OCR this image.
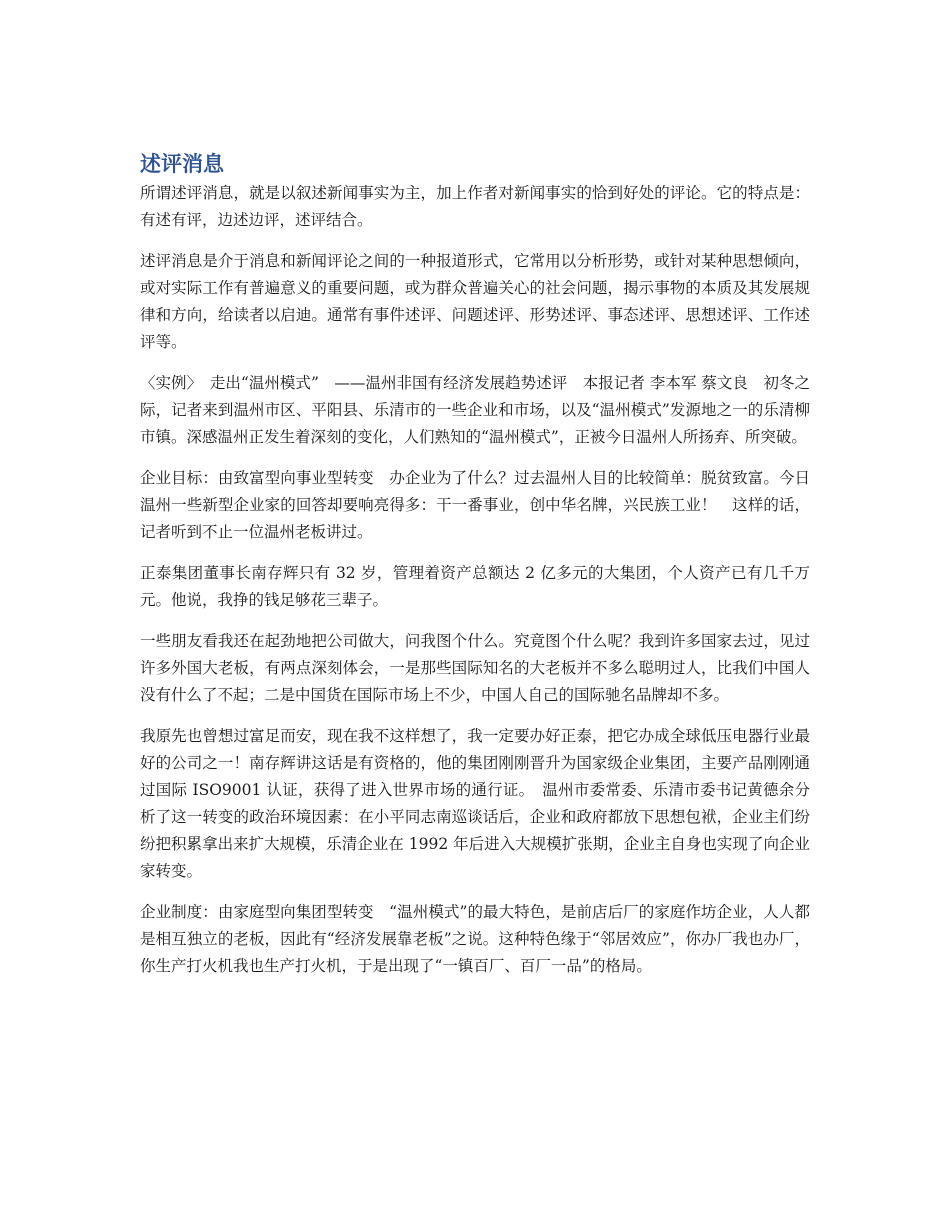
述评消息

所谓述评消息，就是以叙述新闻事实为主，加上作者对新闻事实的恰到好处的评论。它的特点是：有述有评，边述边评，述评结合。

述评消息是介于消息和新闻评论之间的一种报道形式，它常用以分析形势，或针对某种思想倾向，或对实际工作有普遍意义的重要问题，或为群众普遍关心的社会问题，揭示事物的本质及其发展规律和方向，给读者以启迪。通常有事件述评、问题述评、形势述评、事态述评、思想述评、工作述评等。

〈实例〉　走出“温州模式”　——温州非国有经济发展趋势述评　本报记者 李本军 蔡文良　初冬之际，记者来到温州市区、平阳县、乐清市的一些企业和市场，以及“温州模式”发源地之一的乐清柳市镇。深感温州正发生着深刻的变化，人们熟知的“温州模式”，正被今日温州人所扬弃、所突破。

企业目标：由致富型向事业型转变　办企业为了什么？过去温州人目的比较简单：脱贫致富。今日温州一些新型企业家的回答却要响亮得多：干一番事业，创中华名牌，兴民族工业！　这样的话，记者听到不止一位温州老板讲过。

正泰集团董事长南存辉只有 32 岁，管理着资产总额达 2 亿多元的大集团，个人资产已有几千万元。他说，我挣的钱足够花三辈子。

一些朋友看我还在起劲地把公司做大，问我图个什么。究竟图个什么呢？我到许多国家去过，见过许多外国大老板，有两点深刻体会，一是那些国际知名的大老板并不多么聪明过人，比我们中国人没有什么了不起；二是中国货在国际市场上不少，中国人自己的国际驰名品牌却不多。

我原先也曾想过富足而安，现在我不这样想了，我一定要办好正泰，把它办成全球低压电器行业最好的公司之一！南存辉讲这话是有资格的，他的集团刚刚晋升为国家级企业集团，主要产品刚刚通过国际 ISO9001 认证，获得了进入世界市场的通行证。　温州市委常委、乐清市委书记黄德余分析了这一转变的政治环境因素：在小平同志南巡谈话后，企业和政府都放下思想包袱，企业主们纷纷把积累拿出来扩大规模，乐清企业在 1992 年后进入大规模扩张期，企业主自身也实现了向企业家转变。

企业制度：由家庭型向集团型转变　“温州模式”的最大特色，是前店后厂的家庭作坊企业，人人都是相互独立的老板，因此有“经济发展靠老板”之说。这种特色缘于“邻居效应”，你办厂我也办厂，你生产打火机我也生产打火机，于是出现了“一镇百厂、百厂一品”的格局。
